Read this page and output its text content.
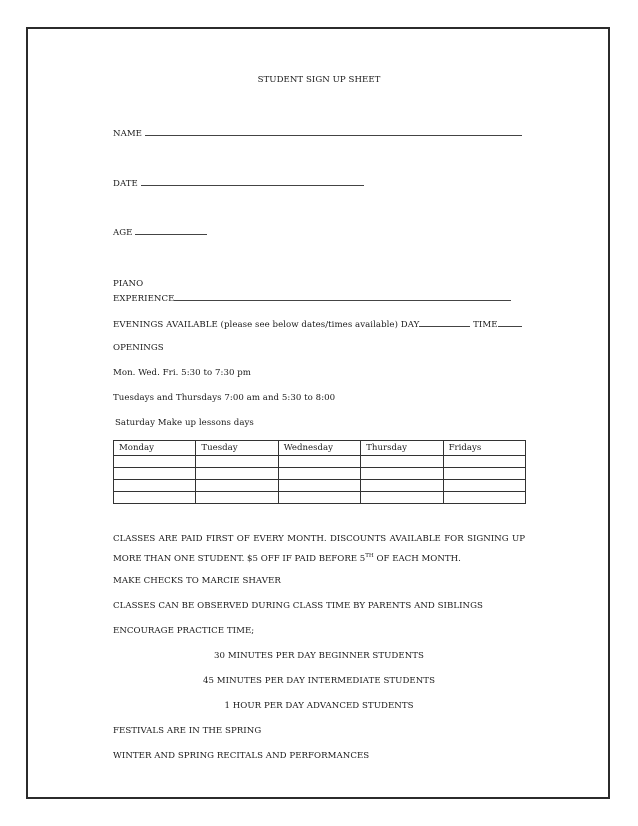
STUDENT SIGN UP SHEET
NAME
DATE
AGE
PIANO
EXPERIENCE
EVENINGS AVAILABLE (please see below dates/times available) DAY	TIME
OPENINGS
Mon. Wed. Fri. 5:30 to 7:30 pm
Tuesdays and Thursdays 7:00 am and 5:30 to 8:00
Saturday Make up lessons days
Monday	Tuesday	Wednesday	Thursday	Fridays

CLASSES ARE PAID FIRST OF EVERY MONTH. DISCOUNTS AVAILABLE FOR SIGNING UP
MORE THAN ONE STUDENT. $5 OFF IF PAID BEFORE 5TH OF EACH MONTH.
MAKE CHECKS TO MARCIE SHAVER
CLASSES CAN BE OBSERVED DURING CLASS TIME BY PARENTS AND SIBLINGS
ENCOURAGE PRACTICE TIME;
30 MINUTES PER DAY BEGINNER STUDENTS
45 MINUTES PER DAY INTERMEDIATE STUDENTS
1 HOUR PER DAY ADVANCED STUDENTS
FESTIVALS ARE IN THE SPRING
WINTER AND SPRING RECITALS AND PERFORMANCES
